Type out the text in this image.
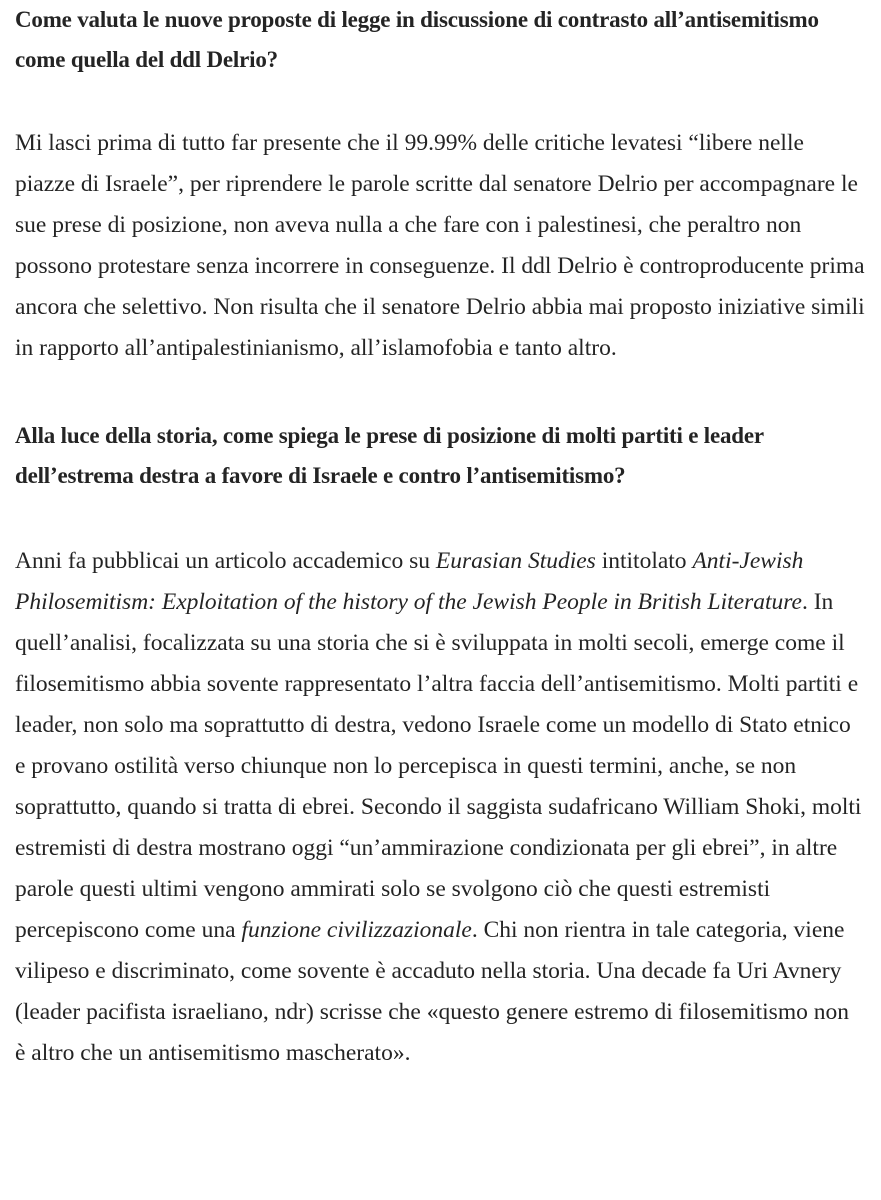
Come valuta le nuove proposte di legge in discussione di contrasto all’antisemitismo come quella del ddl Delrio?

Mi lasci prima di tutto far presente che il 99.99% delle critiche levatesi “libere nelle piazze di Israele”, per riprendere le parole scritte dal senatore Delrio per accompagnare le sue prese di posizione, non aveva nulla a che fare con i palestinesi, che peraltro non possono protestare senza incorrere in conseguenze. Il ddl Delrio è controproducente prima ancora che selettivo. Non risulta che il senatore Delrio abbia mai proposto iniziative simili in rapporto all’antipalestinianismo, all’islamofobia e tanto altro.

Alla luce della storia, come spiega le prese di posizione di molti partiti e leader dell’estrema destra a favore di Israele e contro l’antisemitismo?

Anni fa pubblicai un articolo accademico su Eurasian Studies intitolato Anti-Jewish Philosemitism: Exploitation of the history of the Jewish People in British Literature. In quell’analisi, focalizzata su una storia che si è sviluppata in molti secoli, emerge come il filosemitismo abbia sovente rappresentato l’altra faccia dell’antisemitismo. Molti partiti e leader, non solo ma soprattutto di destra, vedono Israele come un modello di Stato etnico e provano ostilità verso chiunque non lo percepisca in questi termini, anche, se non soprattutto, quando si tratta di ebrei. Secondo il saggista sudafricano William Shoki, molti estremisti di destra mostrano oggi “un’ammirazione condizionata per gli ebrei”, in altre parole questi ultimi vengono ammirati solo se svolgono ciò che questi estremisti percepiscono come una funzione civilizzazionale. Chi non rientra in tale categoria, viene vilipeso e discriminato, come sovente è accaduto nella storia. Una decade fa Uri Avnery (leader pacifista israeliano, ndr) scrisse che «questo genere estremo di filosemitismo non è altro che un antisemitismo mascherato».
